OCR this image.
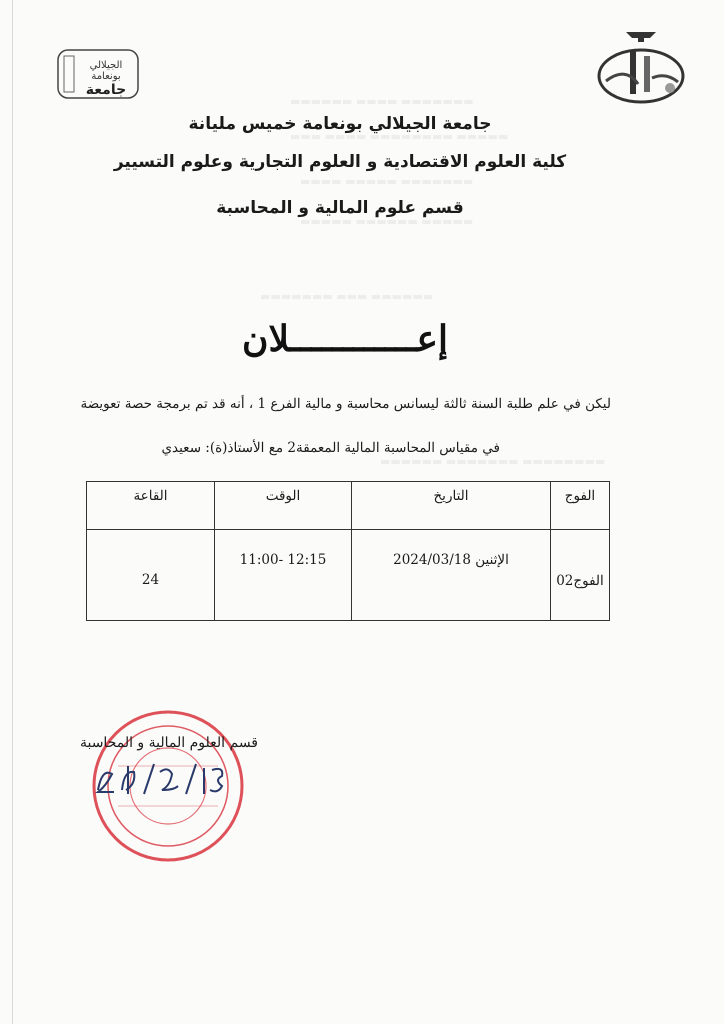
▬▬▬▬▬▬▬ ▬▬▬▬ ▬▬▬▬▬▬
▬▬▬▬▬ ▬▬▬▬▬▬▬▬ ▬▬▬▬ ▬▬▬
▬▬▬▬▬▬▬ ▬▬▬▬▬ ▬▬▬▬
▬▬▬▬▬ ▬▬▬▬▬▬ ▬▬▬▬▬
▬▬▬▬▬▬ ▬▬▬ ▬▬▬▬▬▬▬
▬▬▬▬▬▬▬▬ ▬▬▬▬▬▬▬ ▬▬▬▬▬▬
الجيلالي
بونعامة
جامعة
جامعة الجيلالي بونعامة خميس مليانة
كلية العلوم الاقتصادية و العلوم التجارية وعلوم التسيير
قسم علوم المالية و المحاسبة
إعــــــــــــلان
ليكن في علم طلبة السنة ثالثة ليسانس محاسبة و مالية الفرع 1 ، أنه قد تم برمجة حصة تعويضة
في مقياس المحاسبة المالية المعمقة2 مع الأستاذ(ة): سعيدي
الفوج	التاريخ	الوقت	القاعة
الفوج02	الإثنين 2024/03/18	12:15 -11:00	24
قسم العلوم المالية و المحاسبة
